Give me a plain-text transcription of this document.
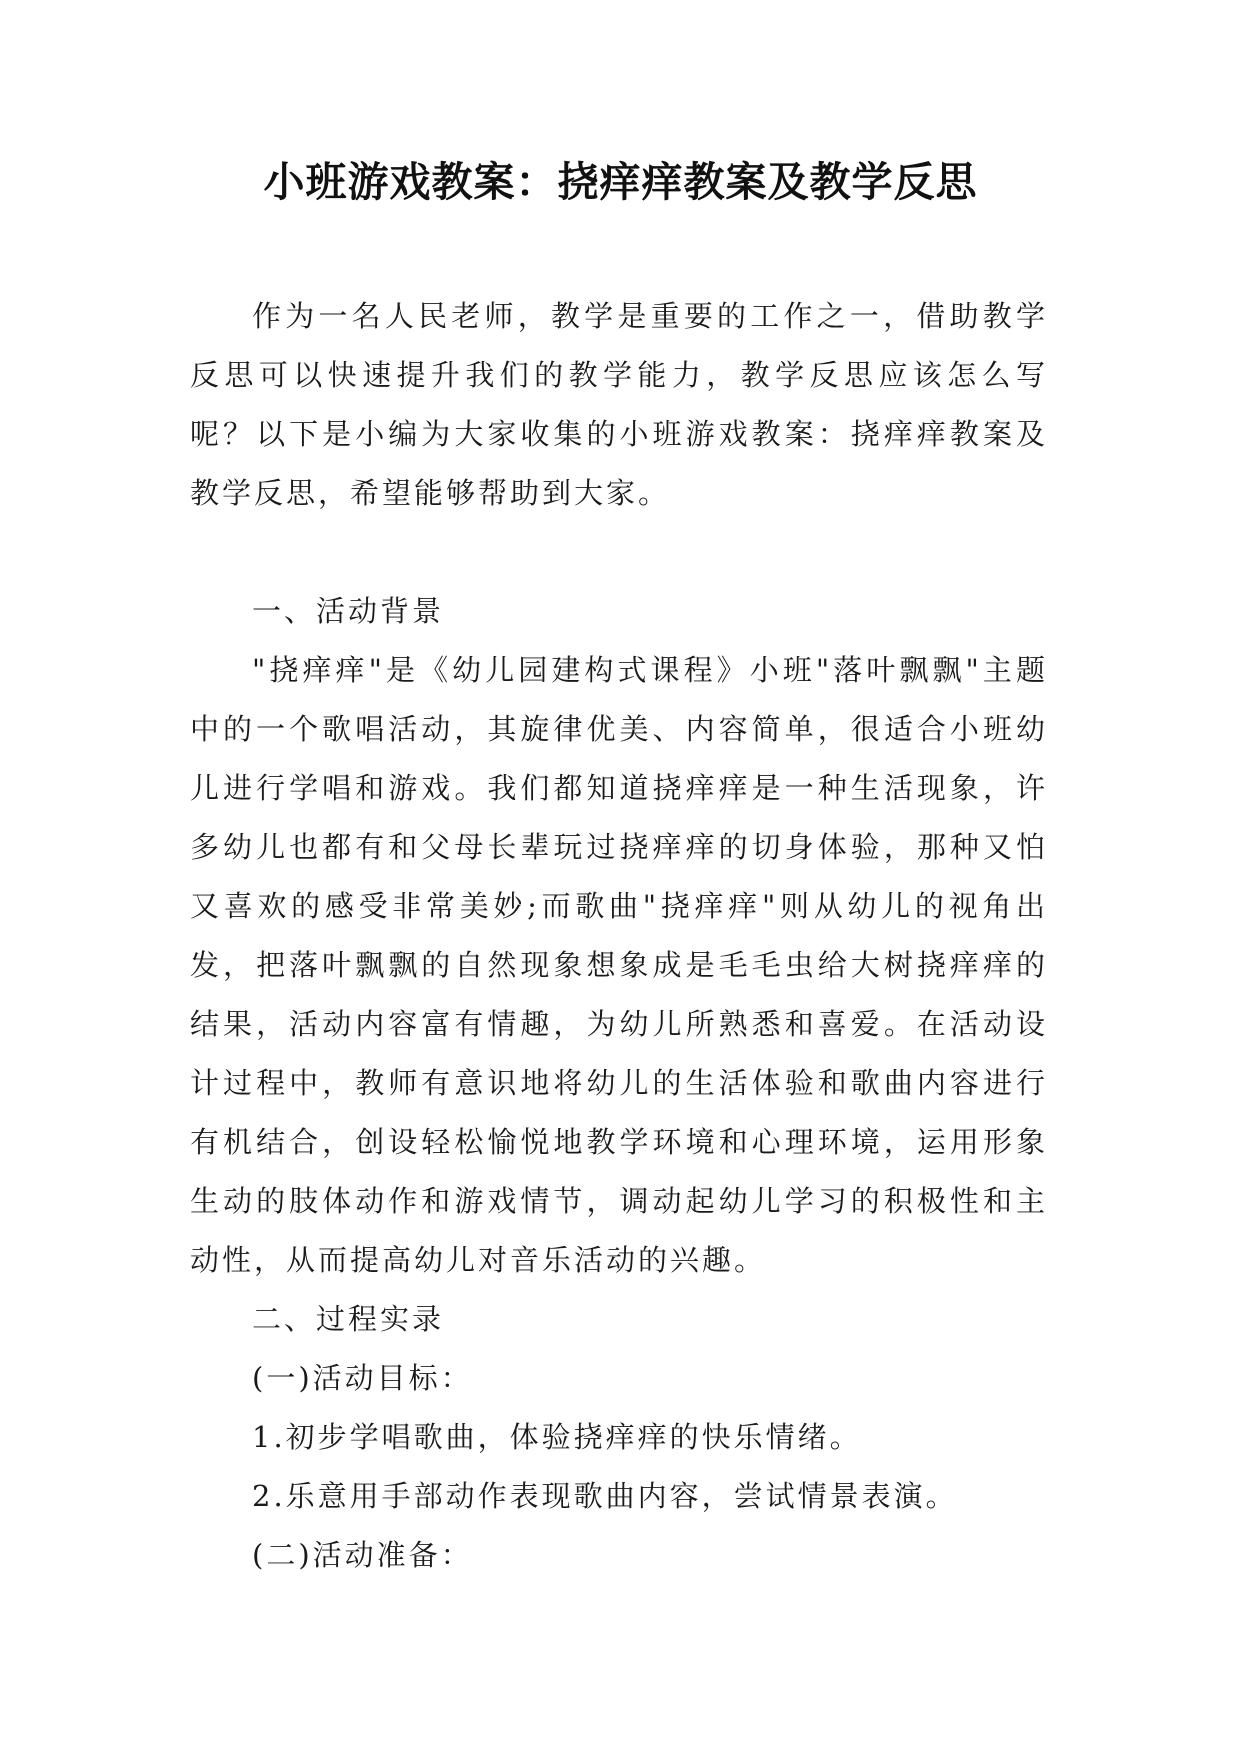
小班游戏教案：挠痒痒教案及教学反思

作为一名人民老师，教学是重要的工作之一，借助教学反思可以快速提升我们的教学能力，教学反思应该怎么写呢？以下是小编为大家收集的小班游戏教案：挠痒痒教案及教学反思，希望能够帮助到大家。

一、活动背景

"挠痒痒"是《幼儿园建构式课程》小班"落叶飘飘"主题中的一个歌唱活动，其旋律优美、内容简单，很适合小班幼儿进行学唱和游戏。我们都知道挠痒痒是一种生活现象，许多幼儿也都有和父母长辈玩过挠痒痒的切身体验，那种又怕又喜欢的感受非常美妙;而歌曲"挠痒痒"则从幼儿的视角出发，把落叶飘飘的自然现象想象成是毛毛虫给大树挠痒痒的结果，活动内容富有情趣，为幼儿所熟悉和喜爱。在活动设计过程中，教师有意识地将幼儿的生活体验和歌曲内容进行有机结合，创设轻松愉悦地教学环境和心理环境，运用形象生动的肢体动作和游戏情节，调动起幼儿学习的积极性和主动性，从而提高幼儿对音乐活动的兴趣。

二、过程实录

(一)活动目标：

1.初步学唱歌曲，体验挠痒痒的快乐情绪。

2.乐意用手部动作表现歌曲内容，尝试情景表演。

(二)活动准备：
